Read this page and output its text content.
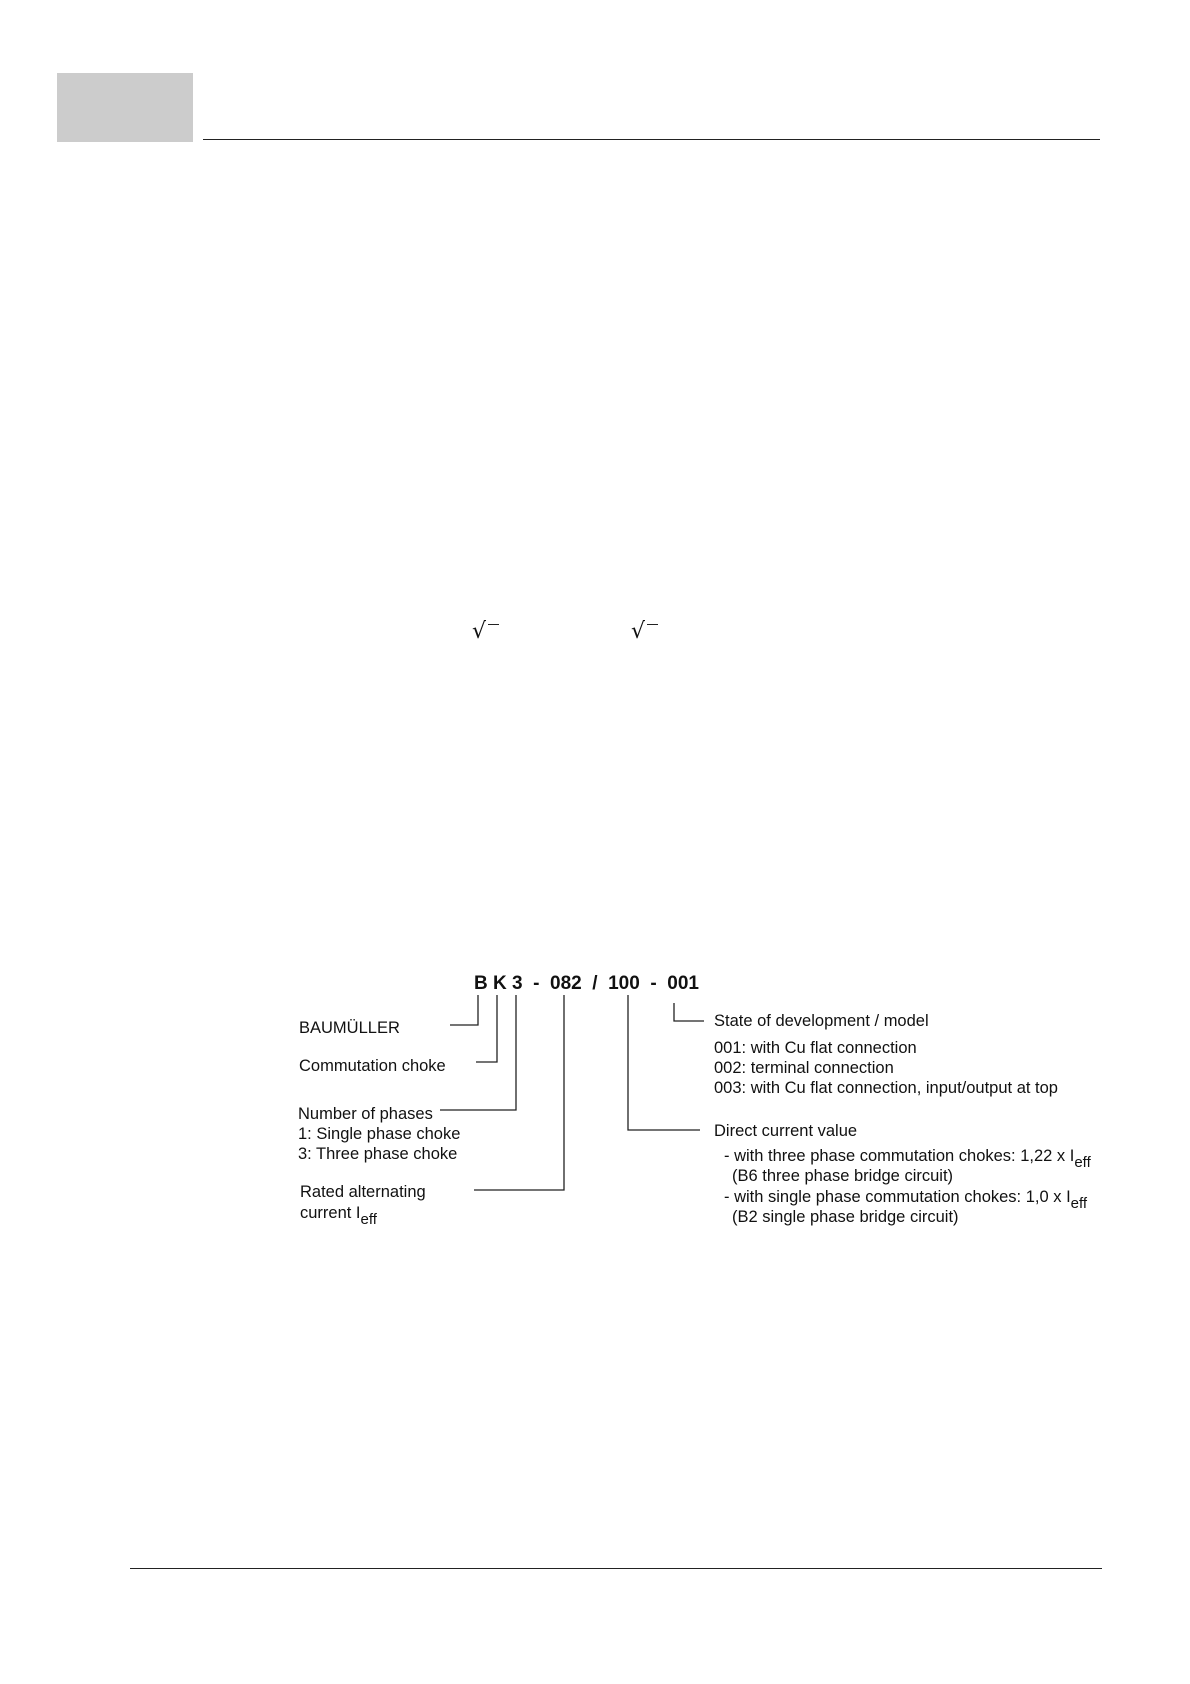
√	√
B K 3  -  082  /  100  -  001
BAUMÜLLER
Commutation choke
Number of phases
1: Single phase choke
3: Three phase choke
Rated alternating
current Ieff
State of development / model
001: with Cu flat connection
002: terminal connection
003: with Cu flat connection, input/output at top
Direct current value
- with three phase commutation chokes: 1,22 x Ieff
(B6 three phase bridge circuit)
- with single phase commutation chokes: 1,0 x Ieff
(B2 single phase bridge circuit)
